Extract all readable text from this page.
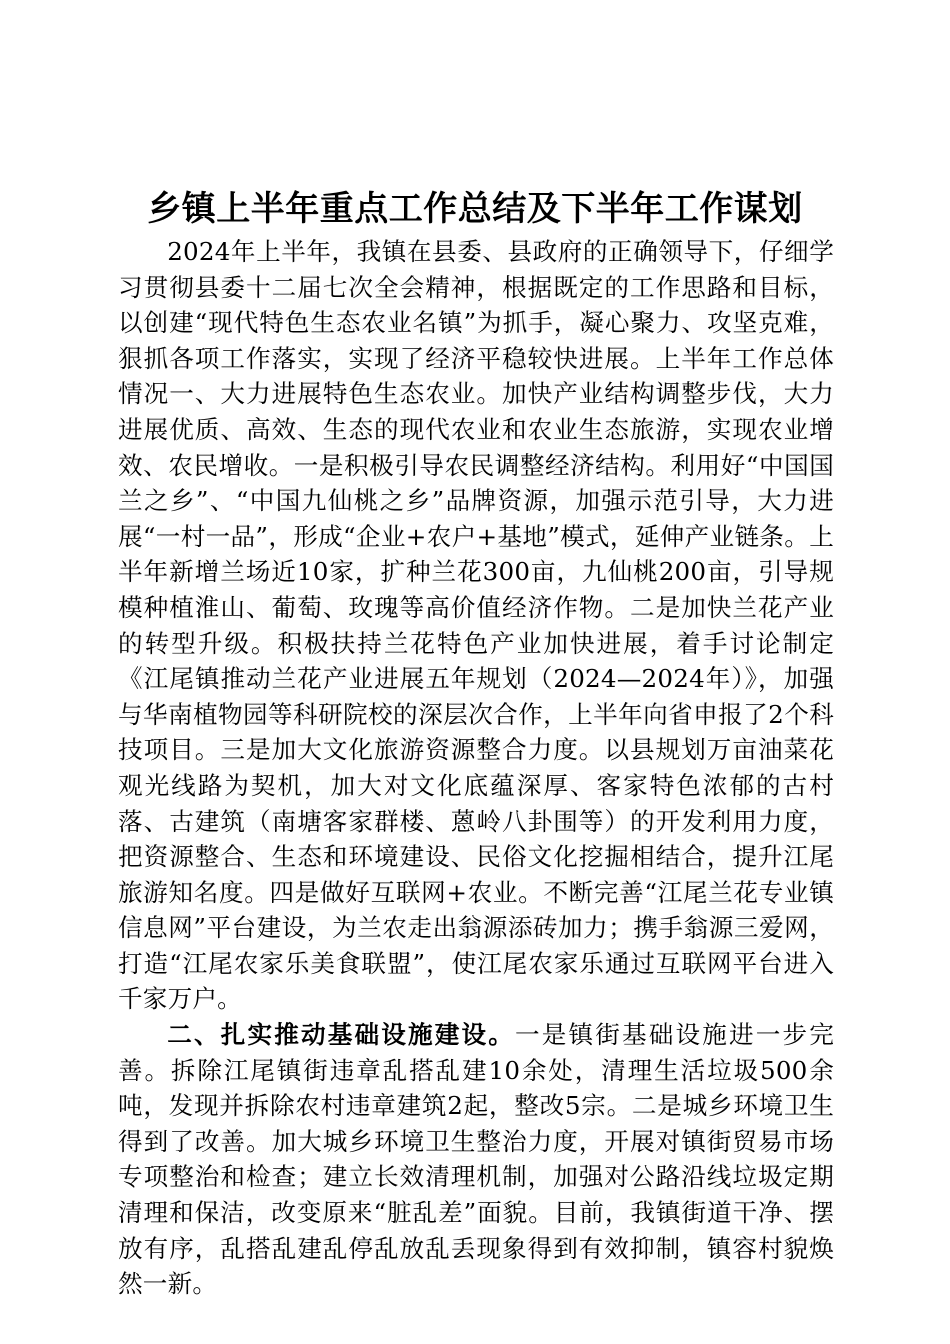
乡镇上半年重点工作总结及下半年工作谋划

2024年上半年，我镇在县委、县政府的正确领导下，仔细学习贯彻县委十二届七次全会精神，根据既定的工作思路和目标，以创建“现代特色生态农业名镇”为抓手，凝心聚力、攻坚克难，狠抓各项工作落实，实现了经济平稳较快进展。上半年工作总体情况一、大力进展特色生态农业。加快产业结构调整步伐，大力进展优质、高效、生态的现代农业和农业生态旅游，实现农业增效、农民增收。一是积极引导农民调整经济结构。利用好“中国国兰之乡”、“中国九仙桃之乡”品牌资源，加强示范引导，大力进展“一村一品”，形成“企业+农户+基地”模式，延伸产业链条。上半年新增兰场近10家，扩种兰花300亩，九仙桃200亩，引导规模种植淮山、葡萄、玫瑰等高价值经济作物。二是加快兰花产业的转型升级。积极扶持兰花特色产业加快进展，着手讨论制定《江尾镇推动兰花产业进展五年规划（2024—2024年）》，加强与华南植物园等科研院校的深层次合作，上半年向省申报了2个科技项目。三是加大文化旅游资源整合力度。以县规划万亩油菜花观光线路为契机，加大对文化底蕴深厚、客家特色浓郁的古村落、古建筑（南塘客家群楼、蒽岭八卦围等）的开发利用力度，把资源整合、生态和环境建设、民俗文化挖掘相结合，提升江尾旅游知名度。四是做好互联网+农业。不断完善“江尾兰花专业镇信息网”平台建设，为兰农走出翁源添砖加力；携手翁源三爱网，打造“江尾农家乐美食联盟”，使江尾农家乐通过互联网平台进入千家万户。

二、扎实推动基础设施建设。一是镇街基础设施进一步完善。拆除江尾镇街违章乱搭乱建10余处，清理生活垃圾500余吨，发现并拆除农村违章建筑2起，整改5宗。二是城乡环境卫生得到了改善。加大城乡环境卫生整治力度，开展对镇街贸易市场专项整治和检查；建立长效清理机制，加强对公路沿线垃圾定期清理和保洁，改变原来“脏乱差”面貌。目前，我镇街道干净、摆放有序，乱搭乱建乱停乱放乱丢现象得到有效抑制，镇容村貌焕然一新。
